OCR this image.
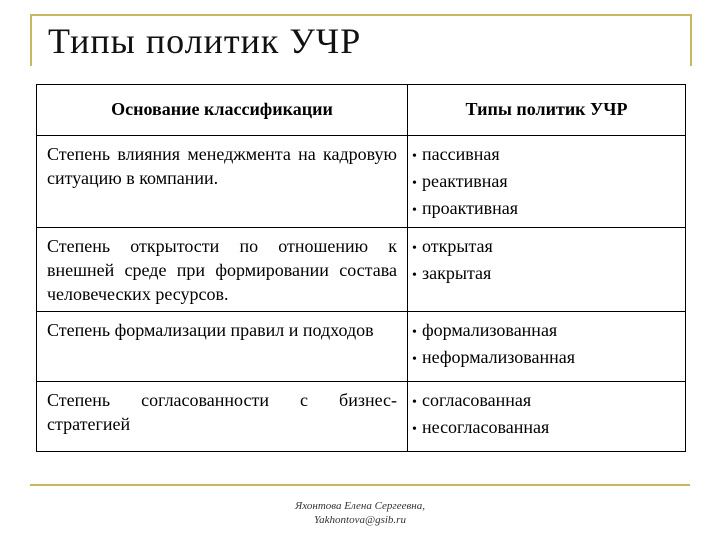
Типы политик УЧР
Основание классификации	Типы политик УЧР
Степень влияния менеджмента на кадровую ситуацию в компании.	• пассивная
• реактивная
• проактивная

Степень открытости по отношению к внешней среде при формировании состава человеческих ресурсов.	• открытая
• закрытая

Степень формализации правил и подходов	• формализованная
• неформализованная

Степень согласованности с бизнес-стратегией	• согласованная
• несогласованная
Яхонтова Елена Сергеевна,
Yakhontova@gsib.ru
